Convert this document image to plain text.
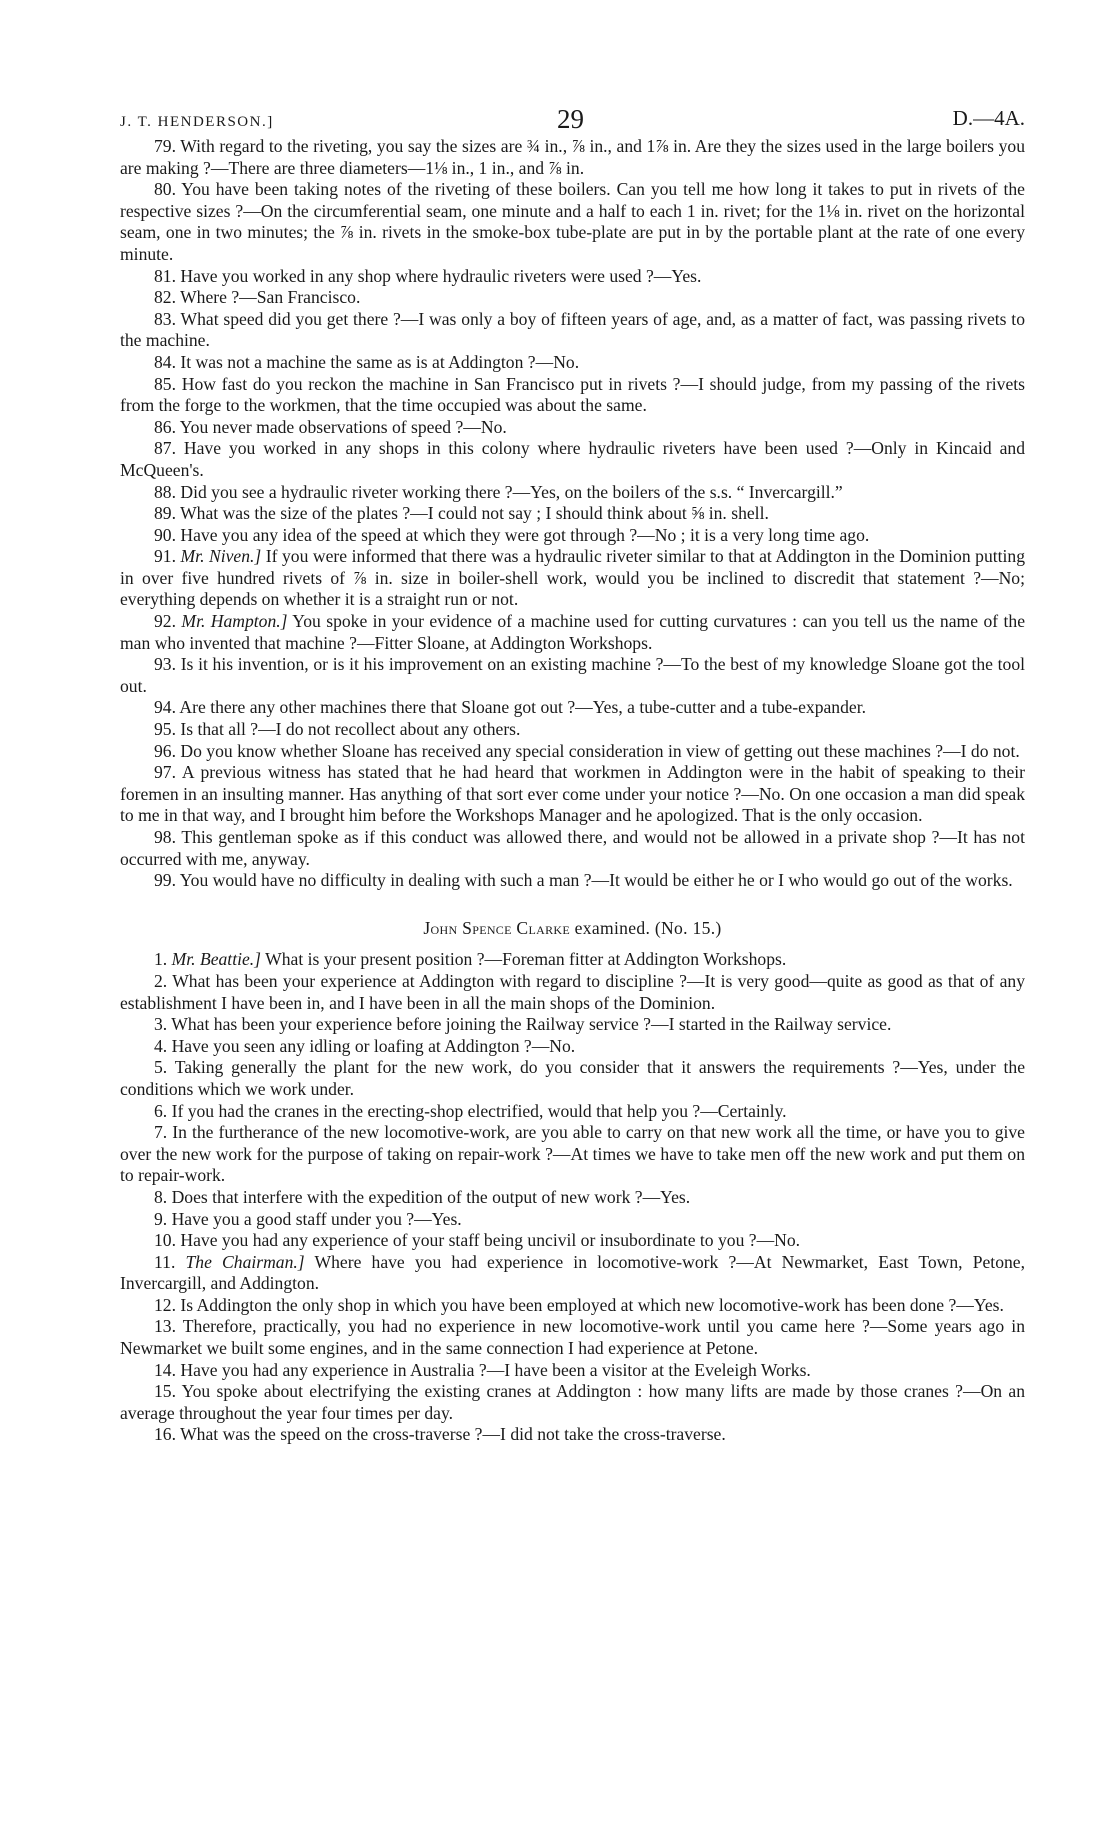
J. T. HENDERSON.]	29	D.—4A.

79. With regard to the riveting, you say the sizes are ¾ in., ⅞ in., and 1⅞ in. Are they the sizes used in the large boilers you are making ?—There are three diameters—1⅛ in., 1 in., and ⅞ in.

80. You have been taking notes of the riveting of these boilers. Can you tell me how long it takes to put in rivets of the respective sizes ?—On the circumferential seam, one minute and a half to each 1 in. rivet; for the 1⅛ in. rivet on the horizontal seam, one in two minutes; the ⅞ in. rivets in the smoke-box tube-plate are put in by the portable plant at the rate of one every minute.

81. Have you worked in any shop where hydraulic riveters were used ?—Yes.

82. Where ?—San Francisco.

83. What speed did you get there ?—I was only a boy of fifteen years of age, and, as a matter of fact, was passing rivets to the machine.

84. It was not a machine the same as is at Addington ?—No.

85. How fast do you reckon the machine in San Francisco put in rivets ?—I should judge, from my passing of the rivets from the forge to the workmen, that the time occupied was about the same.

86. You never made observations of speed ?—No.

87. Have you worked in any shops in this colony where hydraulic riveters have been used ?—Only in Kincaid and McQueen's.

88. Did you see a hydraulic riveter working there ?—Yes, on the boilers of the s.s. “ Invercargill.”

89. What was the size of the plates ?—I could not say ; I should think about ⅝ in. shell.

90. Have you any idea of the speed at which they were got through ?—No ; it is a very long time ago.

91. Mr. Niven.] If you were informed that there was a hydraulic riveter similar to that at Addington in the Dominion putting in over five hundred rivets of ⅞ in. size in boiler-shell work, would you be inclined to discredit that statement ?—No; everything depends on whether it is a straight run or not.

92. Mr. Hampton.] You spoke in your evidence of a machine used for cutting curvatures : can you tell us the name of the man who invented that machine ?—Fitter Sloane, at Addington Workshops.

93. Is it his invention, or is it his improvement on an existing machine ?—To the best of my knowledge Sloane got the tool out.

94. Are there any other machines there that Sloane got out ?—Yes, a tube-cutter and a tube-expander.

95. Is that all ?—I do not recollect about any others.

96. Do you know whether Sloane has received any special consideration in view of getting out these machines ?—I do not.

97. A previous witness has stated that he had heard that workmen in Addington were in the habit of speaking to their foremen in an insulting manner. Has anything of that sort ever come under your notice ?—No. On one occasion a man did speak to me in that way, and I brought him before the Workshops Manager and he apologized. That is the only occasion.

98. This gentleman spoke as if this conduct was allowed there, and would not be allowed in a private shop ?—It has not occurred with me, anyway.

99. You would have no difficulty in dealing with such a man ?—It would be either he or I who would go out of the works.

John Spence Clarke examined. (No. 15.)

1. Mr. Beattie.] What is your present position ?—Foreman fitter at Addington Workshops.

2. What has been your experience at Addington with regard to discipline ?—It is very good—quite as good as that of any establishment I have been in, and I have been in all the main shops of the Dominion.

3. What has been your experience before joining the Railway service ?—I started in the Railway service.

4. Have you seen any idling or loafing at Addington ?—No.

5. Taking generally the plant for the new work, do you consider that it answers the requirements ?—Yes, under the conditions which we work under.

6. If you had the cranes in the erecting-shop electrified, would that help you ?—Certainly.

7. In the furtherance of the new locomotive-work, are you able to carry on that new work all the time, or have you to give over the new work for the purpose of taking on repair-work ?—At times we have to take men off the new work and put them on to repair-work.

8. Does that interfere with the expedition of the output of new work ?—Yes.

9. Have you a good staff under you ?—Yes.

10. Have you had any experience of your staff being uncivil or insubordinate to you ?—No.

11. The Chairman.] Where have you had experience in locomotive-work ?—At Newmarket, East Town, Petone, Invercargill, and Addington.

12. Is Addington the only shop in which you have been employed at which new locomotive-work has been done ?—Yes.

13. Therefore, practically, you had no experience in new locomotive-work until you came here ?—Some years ago in Newmarket we built some engines, and in the same connection I had experience at Petone.

14. Have you had any experience in Australia ?—I have been a visitor at the Eveleigh Works.

15. You spoke about electrifying the existing cranes at Addington : how many lifts are made by those cranes ?—On an average throughout the year four times per day.

16. What was the speed on the cross-traverse ?—I did not take the cross-traverse.
